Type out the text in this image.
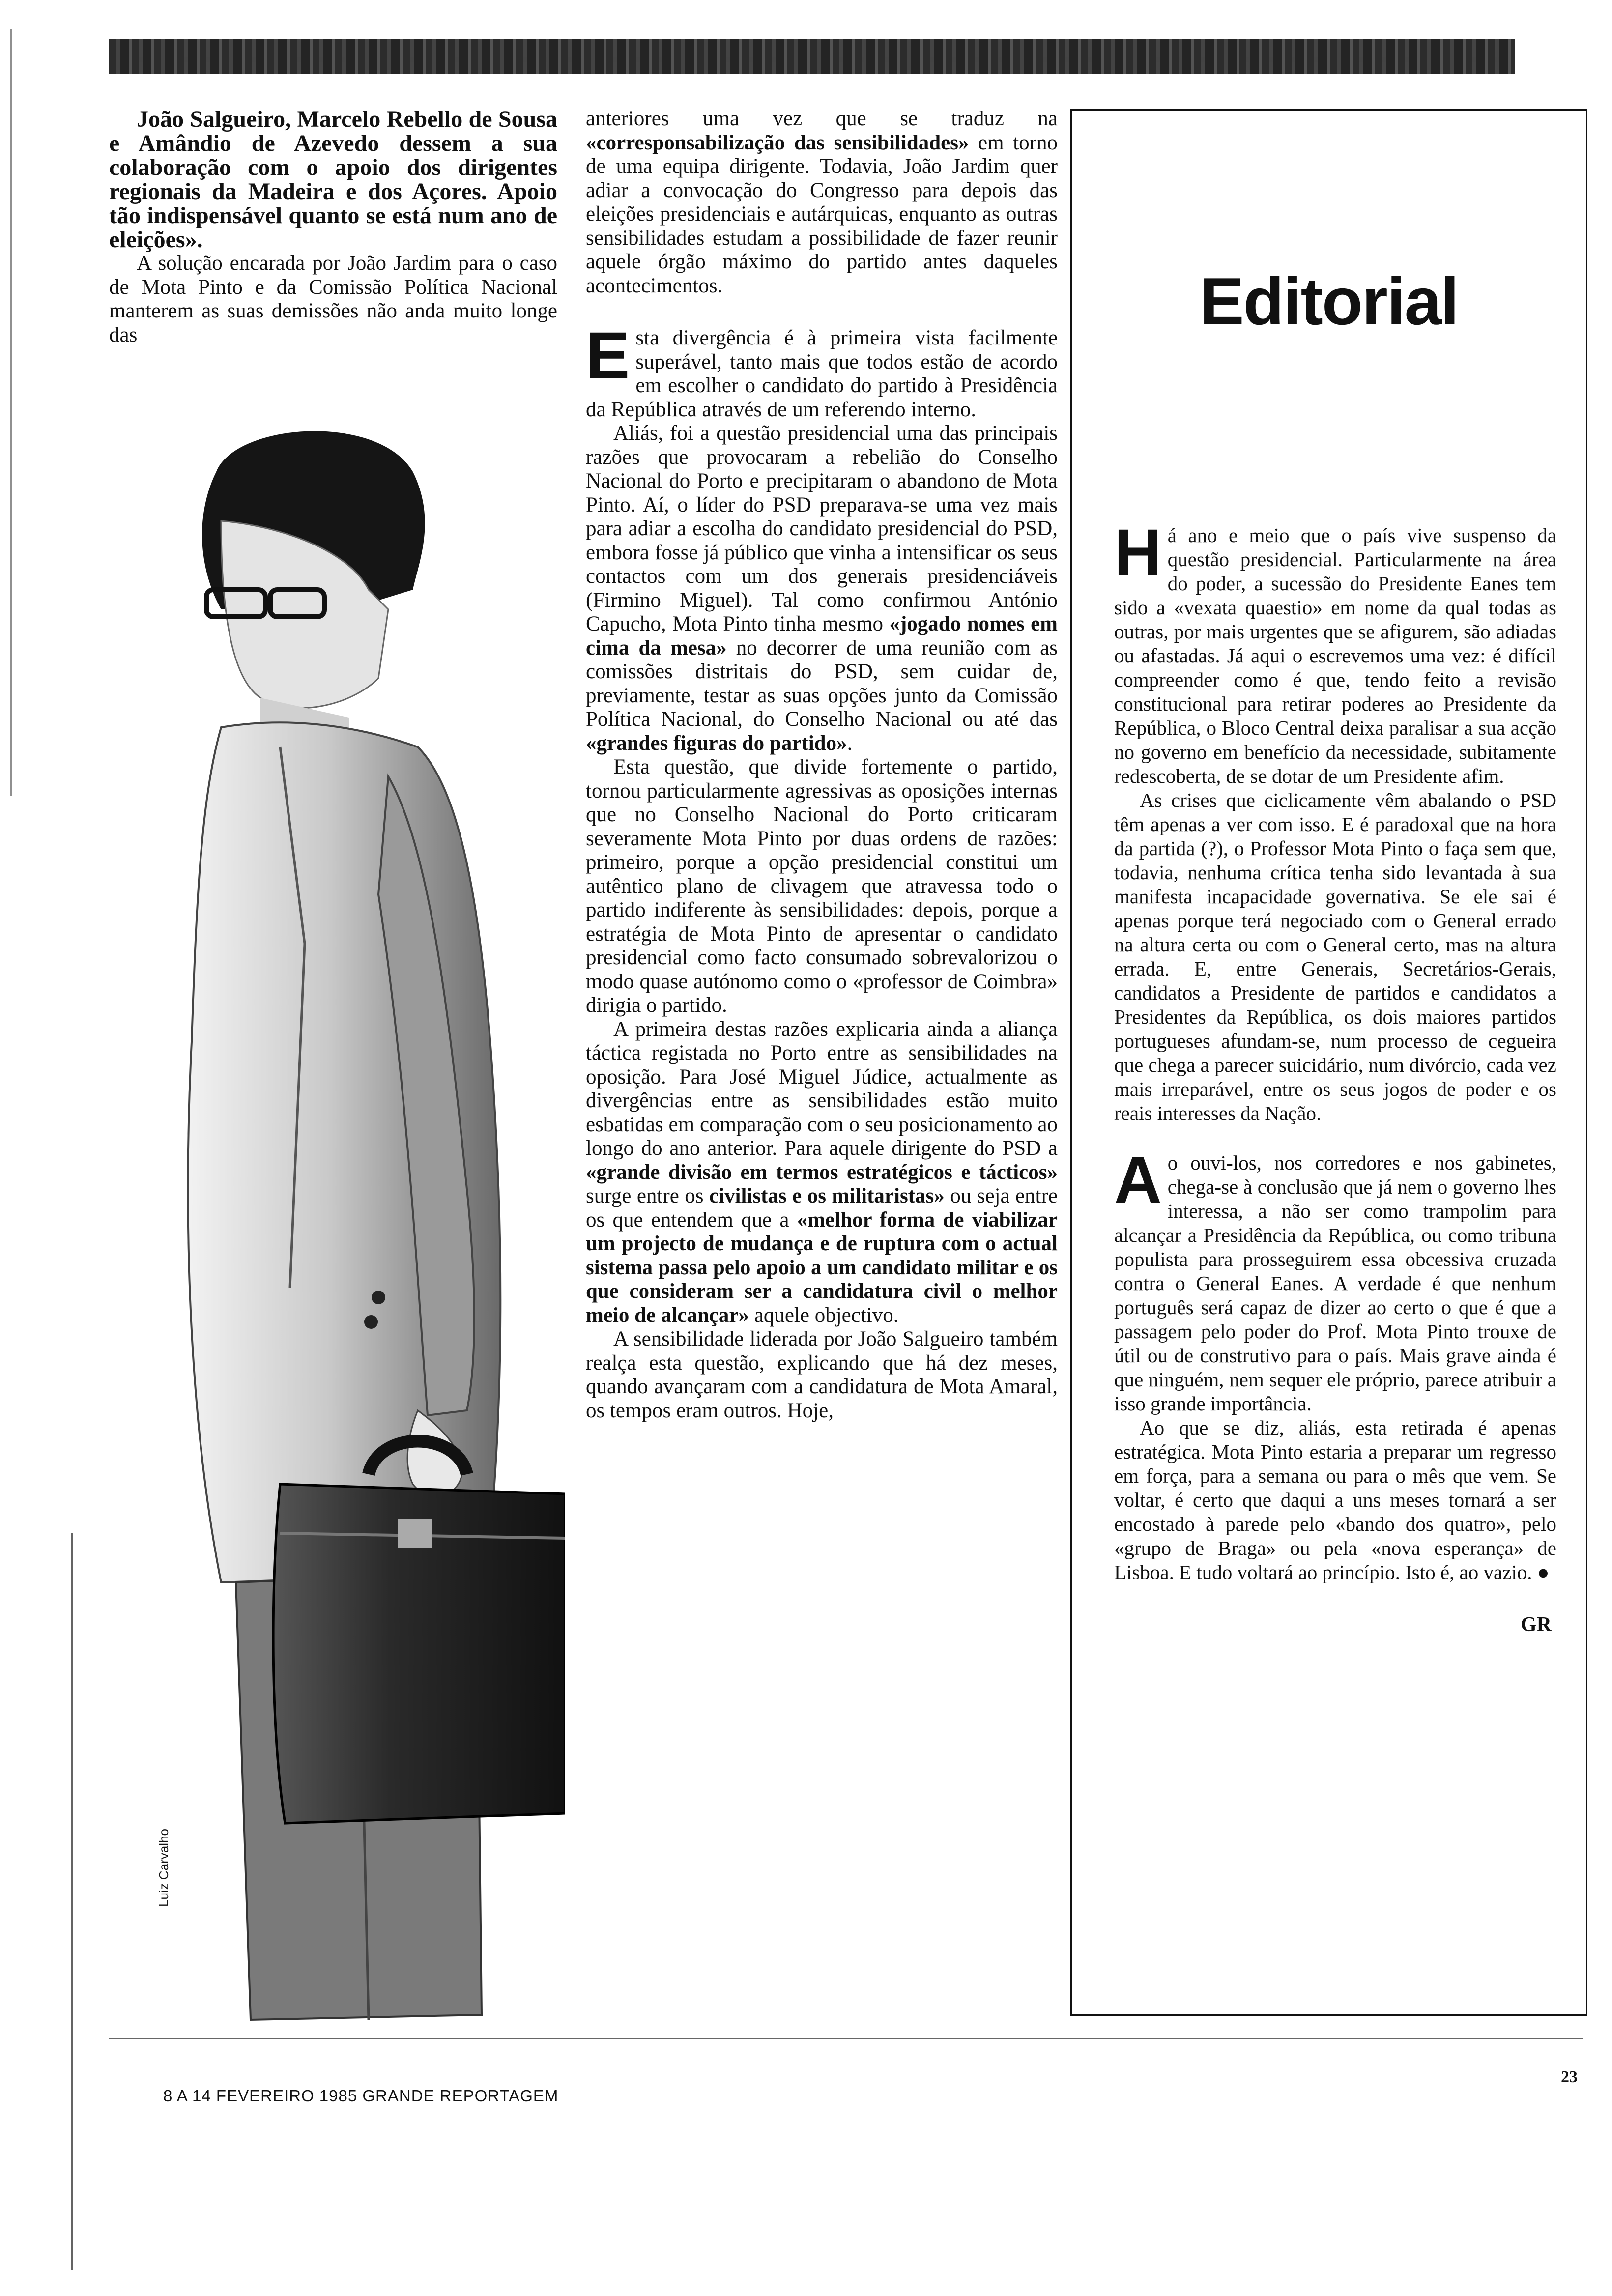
João Salgueiro, Marcelo Rebello de Sousa e Amândio de Azevedo dessem a sua colaboração com o apoio dos dirigentes regionais da Madeira e dos Açores. Apoio tão indispensável quanto se está num ano de eleições».

A solução encarada por João Jardim para o caso de Mota Pinto e da Comissão Política Nacional manterem as suas demissões não anda muito longe das

Luiz Carvalho

anteriores uma vez que se traduz na «corresponsabilização das sensibilidades» em torno de uma equipa dirigente. Todavia, João Jardim quer adiar a convocação do Congresso para depois das eleições presidenciais e autárquicas, enquanto as outras sensibilidades estudam a possibilidade de fazer reunir aquele órgão máximo do partido antes daqueles acontecimentos.

Esta divergência é à primeira vista facilmente superável, tanto mais que todos estão de acordo em escolher o candidato do partido à Presidência da República através de um referendo interno.

Aliás, foi a questão presidencial uma das principais razões que provocaram a rebelião do Conselho Nacional do Porto e precipitaram o abandono de Mota Pinto. Aí, o líder do PSD preparava-se uma vez mais para adiar a escolha do candidato presidencial do PSD, embora fosse já público que vinha a intensificar os seus contactos com um dos generais presidenciáveis (Firmino Miguel). Tal como confirmou António Capucho, Mota Pinto tinha mesmo «jogado nomes em cima da mesa» no decorrer de uma reunião com as comissões distritais do PSD, sem cuidar de, previamente, testar as suas opções junto da Comissão Política Nacional, do Conselho Nacional ou até das «grandes figuras do partido».

Esta questão, que divide fortemente o partido, tornou particularmente agressivas as oposições internas que no Conselho Nacional do Porto criticaram severamente Mota Pinto por duas ordens de razões: primeiro, porque a opção presidencial constitui um autêntico plano de clivagem que atravessa todo o partido indiferente às sensibilidades: depois, porque a estratégia de Mota Pinto de apresentar o candidato presidencial como facto consumado sobrevalorizou o modo quase autónomo como o «professor de Coimbra» dirigia o partido.

A primeira destas razões explicaria ainda a aliança táctica registada no Porto entre as sensibilidades na oposição. Para José Miguel Júdice, actualmente as divergências entre as sensibilidades estão muito esbatidas em comparação com o seu posicionamento ao longo do ano anterior. Para aquele dirigente do PSD a «grande divisão em termos estratégicos e tácticos» surge entre os civilistas e os militaristas» ou seja entre os que entendem que a «melhor forma de viabilizar um projecto de mudança e de ruptura com o actual sistema passa pelo apoio a um candidato militar e os que consideram ser a candidatura civil o melhor meio de alcançar» aquele objectivo.

A sensibilidade liderada por João Salgueiro também realça esta questão, explicando que há dez meses, quando avançaram com a candidatura de Mota Amaral, os tempos eram outros. Hoje,

Editorial

Há ano e meio que o país vive suspenso da questão presidencial. Particularmente na área do poder, a sucessão do Presidente Eanes tem sido a «vexata quaestio» em nome da qual todas as outras, por mais urgentes que se afigurem, são adiadas ou afastadas. Já aqui o escrevemos uma vez: é difícil compreender como é que, tendo feito a revisão constitucional para retirar poderes ao Presidente da República, o Bloco Central deixa paralisar a sua acção no governo em benefício da necessidade, subitamente redescoberta, de se dotar de um Presidente afim.

As crises que ciclicamente vêm abalando o PSD têm apenas a ver com isso. E é paradoxal que na hora da partida (?), o Professor Mota Pinto o faça sem que, todavia, nenhuma crítica tenha sido levantada à sua manifesta incapacidade governativa. Se ele sai é apenas porque terá negociado com o General errado na altura certa ou com o General certo, mas na altura errada. E, entre Generais, Secretários-Gerais, candidatos a Presidente de partidos e candidatos a Presidentes da República, os dois maiores partidos portugueses afundam-se, num processo de cegueira que chega a parecer suicidário, num divórcio, cada vez mais irreparável, entre os seus jogos de poder e os reais interesses da Nação.

Ao ouvi-los, nos corredores e nos gabinetes, chega-se à conclusão que já nem o governo lhes interessa, a não ser como trampolim para alcançar a Presidência da República, ou como tribuna populista para prosseguirem essa obcessiva cruzada contra o General Eanes. A verdade é que nenhum português será capaz de dizer ao certo o que é que a passagem pelo poder do Prof. Mota Pinto trouxe de útil ou de construtivo para o país. Mais grave ainda é que ninguém, nem sequer ele próprio, parece atribuir a isso grande importância.

Ao que se diz, aliás, esta retirada é apenas estratégica. Mota Pinto estaria a preparar um regresso em força, para a semana ou para o mês que vem. Se voltar, é certo que daqui a uns meses tornará a ser encostado à parede pelo «bando dos quatro», pelo «grupo de Braga» ou pela «nova esperança» de Lisboa. E tudo voltará ao princípio. Isto é, ao vazio. ●

GR
8 A 14 FEVEREIRO 1985 GRANDE REPORTAGEM
23
